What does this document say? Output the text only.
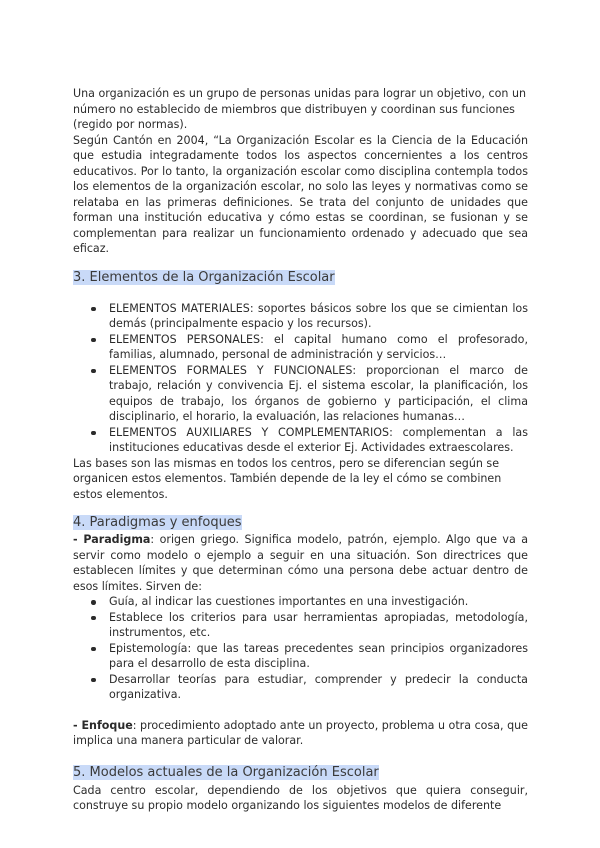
Una organización es un grupo de personas unidas para lograr un objetivo, con un número no establecido de miembros que distribuyen y coordinan sus funciones (regido por normas).

Según Cantón en 2004, “La Organización Escolar es la Ciencia de la Educación que estudia integradamente todos los aspectos concernientes a los centros educativos. Por lo tanto, la organización escolar como disciplina contempla todos los elementos de la organización escolar, no solo las leyes y normativas como se relataba en las primeras definiciones. Se trata del conjunto de unidades que forman una institución educativa y cómo estas se coordinan, se fusionan y se complementan para realizar un funcionamiento ordenado y adecuado que sea eficaz.

3. Elementos de la Organización Escolar
ELEMENTOS MATERIALES: soportes básicos sobre los que se cimientan los demás (principalmente espacio y los recursos).
ELEMENTOS PERSONALES: el capital humano como el profesorado, familias, alumnado, personal de administración y servicios…
ELEMENTOS FORMALES Y FUNCIONALES: proporcionan el marco de trabajo, relación y convivencia Ej. el sistema escolar, la planificación, los equipos de trabajo, los órganos de gobierno y participación, el clima disciplinario, el horario, la evaluación, las relaciones humanas…
ELEMENTOS AUXILIARES Y COMPLEMENTARIOS: complementan a las instituciones educativas desde el exterior Ej. Actividades extraescolares.

Las bases son las mismas en todos los centros, pero se diferencian según se organicen estos elementos. También depende de la ley el cómo se combinen estos elementos.

4. Paradigmas y enfoques

- Paradigma: origen griego. Significa modelo, patrón, ejemplo. Algo que va a servir como modelo o ejemplo a seguir en una situación. Son directrices que establecen límites y que determinan cómo una persona debe actuar dentro de esos límites. Sirven de:

Guía, al indicar las cuestiones importantes en una investigación.
Establece los criterios para usar herramientas apropiadas, metodología, instrumentos, etc.
Epistemología: que las tareas precedentes sean principios organizadores para el desarrollo de esta disciplina.
Desarrollar teorías para estudiar, comprender y predecir la conducta organizativa.

- Enfoque: procedimiento adoptado ante un proyecto, problema u otra cosa, que implica una manera particular de valorar.

5. Modelos actuales de la Organización Escolar

Cada centro escolar, dependiendo de los objetivos que quiera conseguir, construye su propio modelo organizando los siguientes modelos de diferente
